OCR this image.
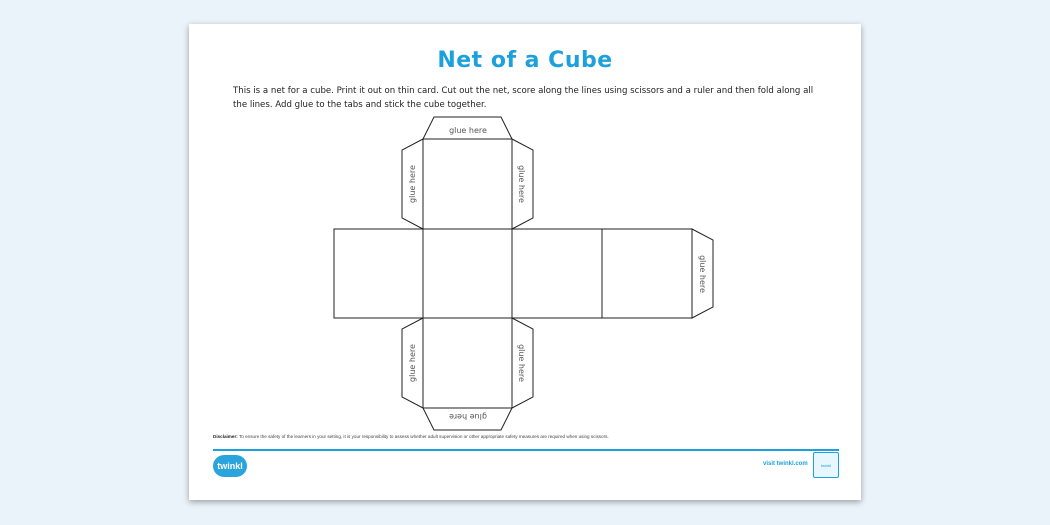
Net of a Cube
This is a net for a cube. Print it out on thin card. Cut out the net, score along the lines using scissors and a ruler and then fold along all the lines. Add glue to the tabs and stick the cube together.
glue here
glue here	glue here
glue here
glue here	glue here
glue here
Disclaimer: To ensure the safety of the learners in your setting, it is your responsibility to assess whether adult supervision or other appropriate safety measures are required when using scissors.
twinkl	visit twinkl.com	twinkl
